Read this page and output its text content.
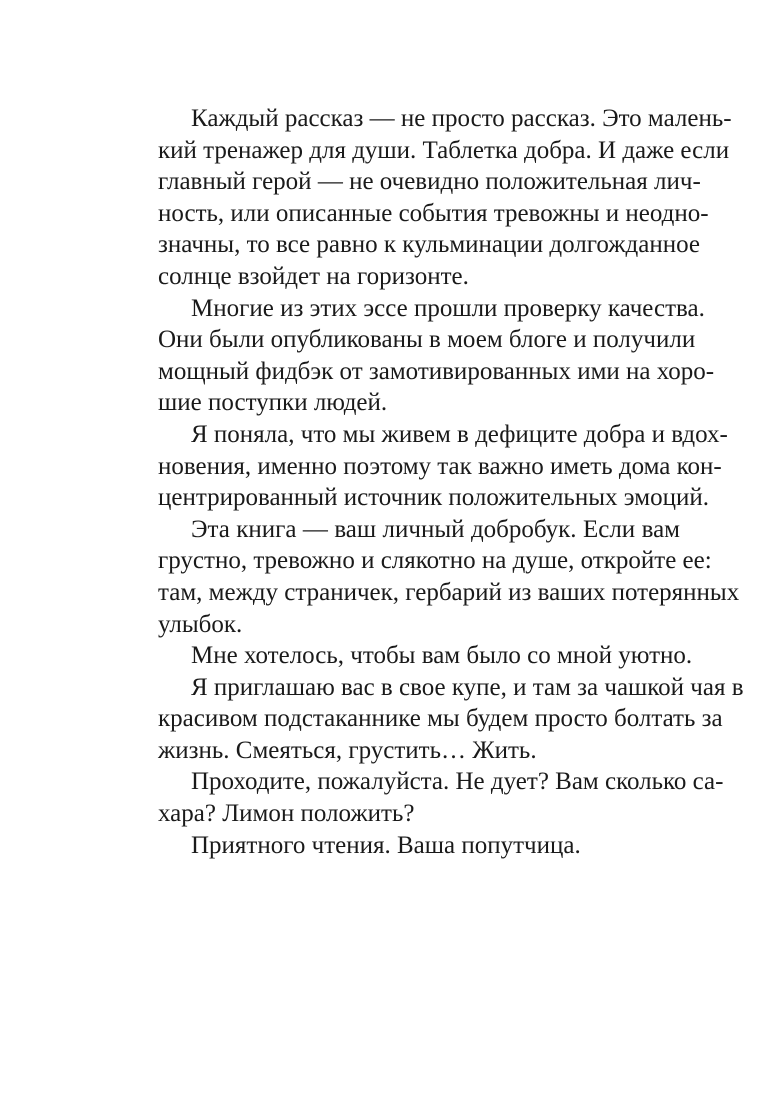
Каждый рассказ — не просто рассказ. Это малень-
кий тренажер для души. Таблетка добра. И даже если
главный герой — не очевидно положительная лич-
ность, или описанные события тревожны и неодно-
значны, то все равно к кульминации долгожданное
солнце взойдет на горизонте.
Многие из этих эссе прошли проверку качества.
Они были опубликованы в моем блоге и получили
мощный фидбэк от замотивированных ими на хоро-
шие поступки людей.
Я поняла, что мы живем в дефиците добра и вдох-
новения, именно поэтому так важно иметь дома кон-
центрированный источник положительных эмоций.
Эта книга — ваш личный добробук. Если вам
грустно, тревожно и слякотно на душе, откройте ее:
там, между страничек, гербарий из ваших потерянных
улыбок.
Мне хотелось, чтобы вам было со мной уютно.
Я приглашаю вас в свое купе, и там за чашкой чая в
красивом подстаканнике мы будем просто болтать за
жизнь. Смеяться, грустить… Жить.
Проходите, пожалуйста. Не дует? Вам сколько са-
хара? Лимон положить?
Приятного чтения. Ваша попутчица.
